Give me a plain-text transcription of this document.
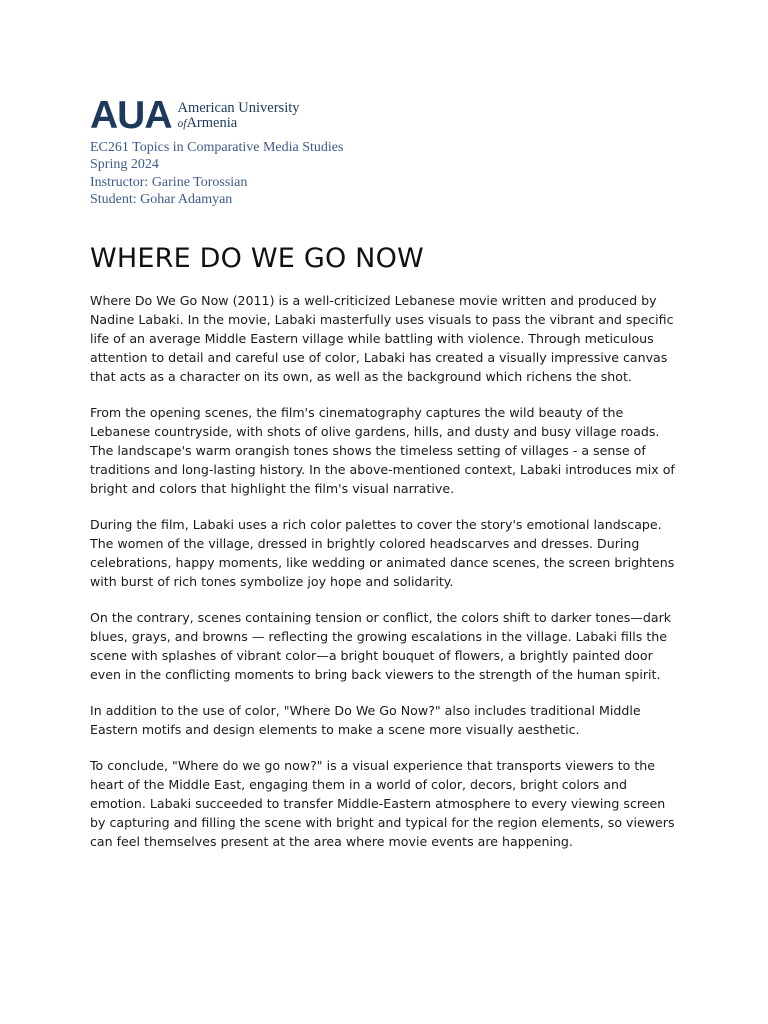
AUA American University
ofArmenia
EC261 Topics in Comparative Media Studies
Spring 2024
Instructor: Garine Torossian
Student: Gohar Adamyan
WHERE DO WE GO NOW

Where Do We Go Now (2011) is a well-criticized Lebanese movie written and produced by Nadine Labaki. In the movie, Labaki masterfully uses visuals to pass the vibrant and specific life of an average Middle Eastern village while battling with violence. Through meticulous attention to detail and careful use of color, Labaki has created a visually impressive canvas that acts as a character on its own, as well as the background which richens the shot.

From the opening scenes, the film's cinematography captures the wild beauty of the Lebanese countryside, with shots of olive gardens, hills, and dusty and busy village roads. The landscape's warm orangish tones shows the timeless setting of villages - a sense of traditions and long-lasting history. In the above-mentioned context, Labaki introduces mix of bright and colors that highlight the film's visual narrative.

During the film, Labaki uses a rich color palettes to cover the story's emotional landscape. The women of the village, dressed in brightly colored headscarves and dresses. During celebrations, happy moments, like wedding or animated dance scenes, the screen brightens with burst of rich tones symbolize joy hope and solidarity.

On the contrary, scenes containing tension or conflict, the colors shift to darker tones—dark blues, grays, and browns — reflecting the growing escalations in the village. Labaki fills the scene with splashes of vibrant color—a bright bouquet of flowers, a brightly painted door even in the conflicting moments to bring back viewers to the strength of the human spirit.

In addition to the use of color, "Where Do We Go Now?" also includes traditional Middle Eastern motifs and design elements to make a scene more visually aesthetic.

To conclude, "Where do we go now?" is a visual experience that transports viewers to the heart of the Middle East, engaging them in a world of color, decors, bright colors and emotion. Labaki succeeded to transfer Middle-Eastern atmosphere to every viewing screen by capturing and filling the scene with bright and typical for the region elements, so viewers can feel themselves present at the area where movie events are happening.
